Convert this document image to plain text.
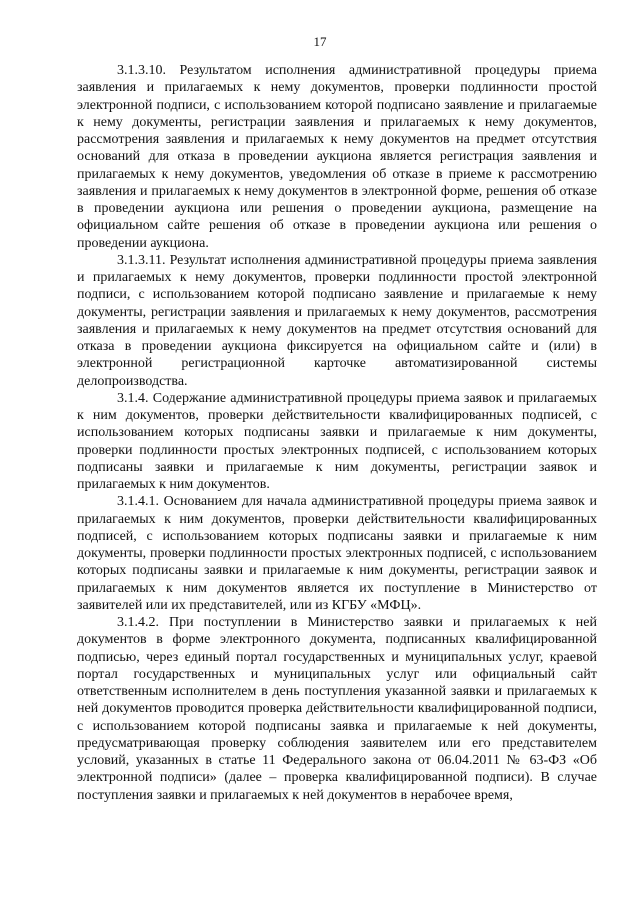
17

3.1.3.10. Результатом исполнения административной процедуры приема заявления и прилагаемых к нему документов, проверки подлинности простой электронной подписи, с использованием которой подписано заявление и прилагаемые к нему документы, регистрации заявления и прилагаемых к нему документов, рассмотрения заявления и прилагаемых к нему документов на предмет отсутствия оснований для отказа в проведении аукциона является регистрация заявления и прилагаемых к нему документов, уведомления об отказе в приеме к рассмотрению заявления и прилагаемых к нему документов в электронной форме, решения об отказе в проведении аукциона или решения о проведении аукциона, размещение на официальном сайте решения об отказе в проведении аукциона или решения о проведении аукциона.

3.1.3.11. Результат исполнения административной процедуры приема заявления и прилагаемых к нему документов, проверки подлинности простой электронной подписи, с использованием которой подписано заявление и прилагаемые к нему документы, регистрации заявления и прилагаемых к нему документов, рассмотрения заявления и прилагаемых к нему документов на предмет отсутствия оснований для отказа в проведении аукциона фиксируется на официальном сайте и (или) в электронной регистрационной карточке автоматизированной системы делопроизводства.

3.1.4. Содержание административной процедуры приема заявок и прилагаемых к ним документов, проверки действительности квалифицированных подписей, с использованием которых подписаны заявки и прилагаемые к ним документы, проверки подлинности простых электронных подписей, с использованием которых подписаны заявки и прилагаемые к ним документы, регистрации заявок и прилагаемых к ним документов.

3.1.4.1. Основанием для начала административной процедуры приема заявок и прилагаемых к ним документов, проверки действительности квалифицированных подписей, с использованием которых подписаны заявки и прилагаемые к ним документы, проверки подлинности простых электронных подписей, с использованием которых подписаны заявки и прилагаемые к ним документы, регистрации заявок и прилагаемых к ним документов является их поступление в Министерство от заявителей или их представителей, или из КГБУ «МФЦ».

3.1.4.2. При поступлении в Министерство заявки и прилагаемых к ней документов в форме электронного документа, подписанных квалифицированной подписью, через единый портал государственных и муниципальных услуг, краевой портал государственных и муниципальных услуг или официальный сайт ответственным исполнителем в день поступления указанной заявки и прилагаемых к ней документов проводится проверка действительности квалифицированной подписи, с использованием которой подписаны заявка и прилагаемые к ней документы, предусматривающая проверку соблюдения заявителем или его представителем условий, указанных в статье 11 Федерального закона от 06.04.2011 № 63-ФЗ «Об электронной подписи» (далее – проверка квалифицированной подписи). В случае поступления заявки и прилагаемых к ней документов в нерабочее время,
